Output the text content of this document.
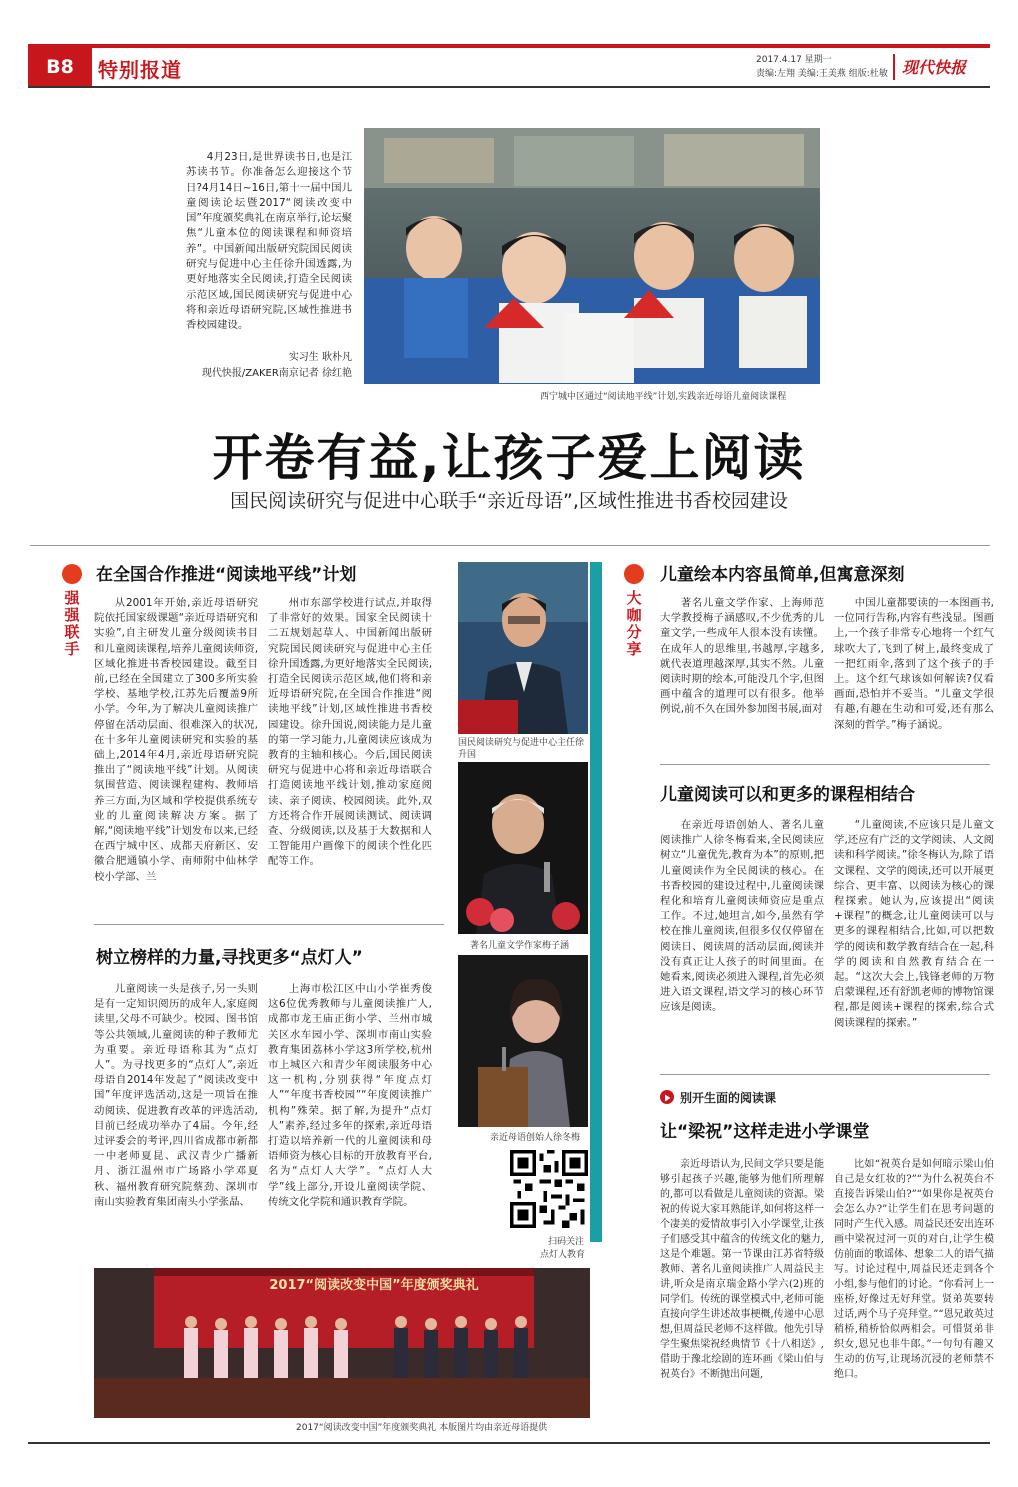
B8	特别报道	2017.4.17 星期一
责编:左翔 美编:王美燕 组版:杜敏 现代快报

4月23日,是世界读书日,也是江苏读书节。你准备怎么迎接这个节日?4月14日~16日,第十一届中国儿童阅读论坛暨2017“阅读改变中国”年度颁奖典礼在南京举行,论坛聚焦“儿童本位的阅读课程和师资培养”。中国新闻出版研究院国民阅读研究与促进中心主任徐升国透露,为更好地落实全民阅读,打造全民阅读示范区域,国民阅读研究与促进中心将和亲近母语研究院,区域性推进书香校园建设。

实习生 耿朴凡
现代快报/ZAKER南京记者 徐红艳
西宁城中区通过“阅读地平线”计划,实践亲近母语儿童阅读课程
开卷有益,让孩子爱上阅读
国民阅读研究与促进中心联手“亲近母语”,区域性推进书香校园建设
强强联手
在全国合作推进“阅读地平线”计划

从2001年开始,亲近母语研究院依托国家级课题“亲近母语研究和实验”,自主研发儿童分级阅读书目和儿童阅读课程,培养儿童阅读师资,区域化推进书香校园建设。截至目前,已经在全国建立了300多所实验学校、基地学校,江苏先后覆盖9所小学。今年,为了解决儿童阅读推广停留在活动层面、很难深入的状况,在十多年儿童阅读研究和实验的基础上,2014年4月,亲近母语研究院推出了“阅读地平线”计划。从阅读氛围营造、阅读课程建构、教师培养三方面,为区域和学校提供系统专业的儿童阅读解决方案。据了解,“阅读地平线”计划发布以来,已经在西宁城中区、成都天府新区、安徽合肥通镇小学、南师附中仙林学校小学部、兰

州市东部学校进行试点,并取得了非常好的效果。国家全民阅读十二五规划起草人、中国新闻出版研究院国民阅读研究与促进中心主任徐升国透露,为更好地落实全民阅读,打造全民阅读示范区域,他们将和亲近母语研究院,在全国合作推进“阅读地平线”计划,区域性推进书香校园建设。徐升国说,阅读能力是儿童的第一学习能力,儿童阅读应该成为教育的主轴和核心。今后,国民阅读研究与促进中心将和亲近母语联合打造阅读地平线计划,推动家庭阅读、亲子阅读、校园阅读。此外,双方还将合作开展阅读测试、阅读调查、分级阅读,以及基于大数据和人工智能用户画像下的阅读个性化匹配等工作。

树立榜样的力量,寻找更多“点灯人”

儿童阅读一头是孩子,另一头则是有一定知识阅历的成年人,家庭阅读里,父母不可缺少。校园、图书馆等公共领域,儿童阅读的种子教师尤为重要。亲近母语称其为“点灯人”。为寻找更多的“点灯人”,亲近母语自2014年发起了“阅读改变中国”年度评选活动,这是一项旨在推动阅读、促进教育改革的评选活动,目前已经成功举办了4届。今年,经过评委会的考评,四川省成都市新都一中老师夏昆、武汉青少广播新月、浙江温州市广场路小学邓夏秋、福州教育研究院蔡劲、深圳市南山实验教育集团南头小学张晶、

上海市松江区中山小学崔秀俊这6位优秀教师与儿童阅读推广人,成都市龙王庙正街小学、兰州市城关区水车园小学、深圳市南山实验教育集团荔林小学这3所学校,杭州市上城区六和青少年阅读服务中心这一机构,分别获得“年度点灯人”“年度书香校园”“年度阅读推广机构”殊荣。据了解,为提升“点灯人”素养,经过多年的探索,亲近母语打造以培养新一代的儿童阅读和母语师资为核心目标的开放教育平台,名为“点灯人大学”。“点灯人大学”线上部分,开设儿童阅读学院、传统文化学院和通识教育学院。

国民阅读研究与促进中心主任徐升国
著名儿童文学作家梅子涵
亲近母语创始人徐冬梅
扫码关注
点灯人教育
2017“阅读改变中国”年度颁奖典礼
2017“阅读改变中国”年度颁奖典礼 本版图片均由亲近母语提供
大咖分享
儿童绘本内容虽简单,但寓意深刻

著名儿童文学作家、上海师范大学教授梅子涵感叹,不少优秀的儿童文学,一些成年人很本没有读懂。在成年人的思维里,书越厚,字越多,就代表道理越深厚,其实不然。儿童阅读时期的绘本,可能没几个字,但图画中蕴含的道理可以有很多。他举例说,前不久在国外参加图书展,面对

中国儿童都要读的一本图画书,一位同行告称,内容有些浅显。图画上,一个孩子非常专心地将一个红气球吹大了,飞到了树上,最终变成了一把红雨伞,落到了这个孩子的手上。这个红气球该如何解读?仅看画面,恐怕并不妥当。“儿童文学很有趣,有趣在生动和可爱,还有那么深刻的哲学。”梅子涵说。

儿童阅读可以和更多的课程相结合

在亲近母语创始人、著名儿童阅读推广人徐冬梅看来,全民阅读应树立“儿童优先,教育为本”的原则,把儿童阅读作为全民阅读的核心。在书香校园的建设过程中,儿童阅读课程化和培育儿童阅读师资应是重点工作。不过,她坦言,如今,虽然有学校在推儿童阅读,但很多仅仅停留在阅读日、阅读周的活动层面,阅读并没有真正让人孩子的时间里面。在她看来,阅读必须进入课程,首先必须进入语文课程,语文学习的核心环节应该是阅读。

“儿童阅读,不应该只是儿童文学,还应有广泛的文学阅读、人文阅读和科学阅读。”徐冬梅认为,除了语文课程、文学的阅读,还可以开展更综合、更丰富、以阅读为核心的课程探索。她认为,应该提出“阅读+课程”的概念,让儿童阅读可以与更多的课程相结合,比如,可以把数学的阅读和数学教育结合在一起,科学的阅读和自然教育结合在一起。“这次大会上,钱锋老师的万物启蒙课程,还有舒凯老师的博物馆课程,都是阅读+课程的探索,综合式阅读课程的探索。”

别开生面的阅读课
让“梁祝”这样走进小学课堂

亲近母语认为,民间文学只要是能够引起孩子兴趣,能够为他们所理解的,都可以看做是儿童阅读的资源。梁祝的传说大家耳熟能详,如何将这样一个凄美的爱情故事引入小学课堂,让孩子们感受其中蕴含的传统文化的魅力,这是个难题。第一节课由江苏省特级教师、著名儿童阅读推广人周益民主讲,听众是南京瑞金路小学六(2)班的同学们。传统的课堂模式中,老师可能直接向学生讲述故事梗概,传递中心思想,但周益民老师不这样做。他先引导学生聚焦梁祝经典情节《十八相送》,借助于豫北绘剧的连环画《梁山伯与祝英台》不断抛出问题,

比如“祝英台是如何暗示梁山伯自己是女红妆的?”“为什么祝英台不直接告诉梁山伯?”“如果你是祝英台会怎么办?”让学生们在思考问题的同时产生代入感。周益民还安出连环画中梁祝过河一页的对白,让学生模仿前面的歌谣体、想象二人的语气描写。讨论过程中,周益民还走到各个小组,参与他们的讨论。“你看河上一座桥,好像过无好拜堂。贤弟英要转过话,两个马子亮拜堂。”“恩兄敢英过稍桥,稍桥恰似两相会。可惜贤弟非织女,恩兄也非牛郎。”一句句有趣又生动的仿写,让现场沉浸的老师禁不绝口。
